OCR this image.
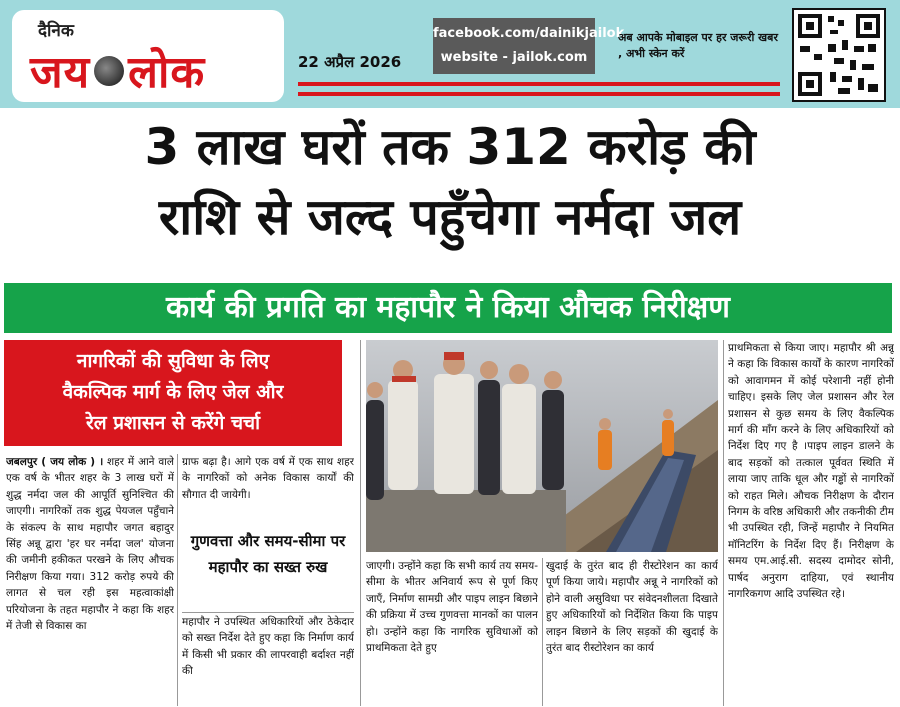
दैनिक
जय लोक	22 अप्रैल 2026
facebook.com/dainikjailok
website - jailok.com
अब आपके मोबाइल पर हर जरूरी खबर , अभी स्केन करें
3 लाख घरों तक 312 करोड़ की
राशि से जल्द पहुँचेगा नर्मदा जल
कार्य की प्रगति का महापौर ने किया औचक निरीक्षण
नागरिकों की सुविधा के लिए
वैकल्पिक मार्ग के लिए जेल और
रेल प्रशासन से करेंगे चर्चा
जबलपुर ( जय लोक ) । शहर में आने वाले एक वर्ष के भीतर शहर के 3 लाख घरों में शुद्ध नर्मदा जल की आपूर्ति सुनिश्चित की जाएगी। नागरिकों तक शुद्ध पेयजल पहुँचाने के संकल्प के साथ महापौर जगत बहादुर सिंह अन्नू द्वारा 'हर घर नर्मदा जल' योजना की जमीनी हकीकत परखने के लिए औचक निरीक्षण किया गया। 312 करोड़ रुपये की लागत से चल रही इस महत्वाकांक्षी परियोजना के तहत महापौर ने कहा कि शहर में तेजी से विकास का
ग्राफ बढ़ा है। आगे एक वर्ष में एक साथ शहर के नागरिकों को अनेक विकास कार्यों की सौगात दी जायेगी।
गुणवत्ता और समय-सीमा पर महापौर का सख्त रुख
महापौर ने उपस्थित अधिकारियों और ठेकेदार को सख्त निर्देश देते हुए कहा कि निर्माण कार्य में किसी भी प्रकार की लापरवाही बर्दाश्त नहीं की
जाएगी। उन्होंने कहा कि सभी कार्य तय समय-सीमा के भीतर अनिवार्य रूप से पूर्ण किए जाएँ, निर्माण सामग्री और पाइप लाइन बिछाने की प्रक्रिया में उच्च गुणवत्ता मानकों का पालन हो। उन्होंने कहा कि नागरिक सुविधाओं को प्राथमिकता देते हुए
खुदाई के तुरंत बाद ही रीस्टोरेशन का कार्य पूर्ण किया जाये। महापौर अन्नू ने नागरिकों को होने वाली असुविधा पर संवेदनशीलता दिखाते हुए अधिकारियों को निर्देशित किया कि पाइप लाइन बिछाने के लिए सड़कों की खुदाई के तुरंत बाद रीस्टोरेशन का कार्य
प्राथमिकता से किया जाए। महापौर श्री अन्नू ने कहा कि विकास कार्यों के कारण नागरिकों को आवागमन में कोई परेशानी नहीं होनी चाहिए। इसके लिए जेल प्रशासन और रेल प्रशासन से कुछ समय के लिए वैकल्पिक मार्ग की माँग करने के लिए अधिकारियों को निर्देश दिए गए है ।पाइप लाइन डालने के बाद सड़कों को तत्काल पूर्ववत स्थिति में लाया जाए ताकि धूल और गड्ढों से नागरिकों को राहत मिले। औचक निरीक्षण के दौरान निगम के वरिष्ठ अधिकारी और तकनीकी टीम भी उपस्थित रही, जिन्हें महापौर ने नियमित मॉनिटरिंग के निर्देश दिए हैं। निरीक्षण के समय एम.आई.सी. सदस्य दामोदर सोनी, पार्षद अनुराग दाहिया, एवं स्थानीय नागरिकगण आदि उपस्थित रहे।
